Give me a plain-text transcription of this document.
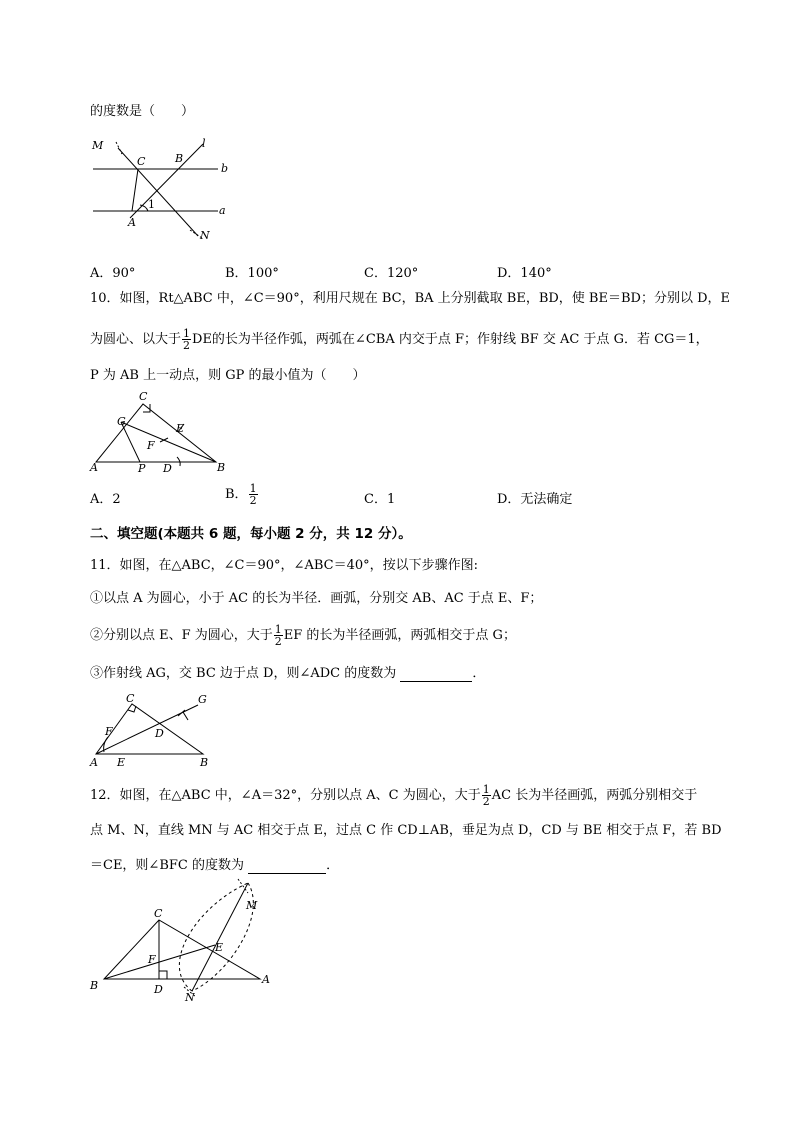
的度数是（　　）
M
C	B
l
b
1	a
A
N
A．90°	B．100°	C．120°	D．140°
10．如图，Rt△ABC 中，∠C＝90°，利用尺规在 BC，BA 上分别截取 BE，BD，使 BE＝BD；分别以 D，E
为圆心、以大于 $\frac{1}{2}$ DE的长为半径作弧，两弧在∠CBA 内交于点 F；作射线 BF 交 AC 于点 G．若 CG＝1，
P 为 AB 上一动点，则 GP 的最小值为（　　）
C
G
E
F
A	P D	B
A．2	B． $\frac{1}{2}$	C．1	D．无法确定
二、填空题(本题共 6 题，每小题 2 分，共 12 分）。
11．如图，在△ABC，∠C＝90°，∠ABC＝40°，按以下步骤作图:
①以点 A 为圆心，小于 AC 的长为半径．画弧，分别交 AB、AC 于点 E、F；
②分别以点 E、F 为圆心，大于 $\frac{1}{2}$ EF 的长为半径画弧，两弧相交于点 G；
③作射线 AG，交 BC 边于点 D，则∠ADC 的度数为	．
C	G
F	D
A E	B
12．如图，在△ABC 中，∠A＝32°，分别以点 A、C 为圆心，大于 $\frac{1}{2}$ AC 长为半径画弧，两弧分别相交于
点 M、N，直线 MN 与 AC 相交于点 E，过点 C 作 CD⊥AB，垂足为点 D，CD 与 BE 相交于点 F，若 BD
＝CE，则∠BFC 的度数为	．
C
M
E
F
B	D
N
A
